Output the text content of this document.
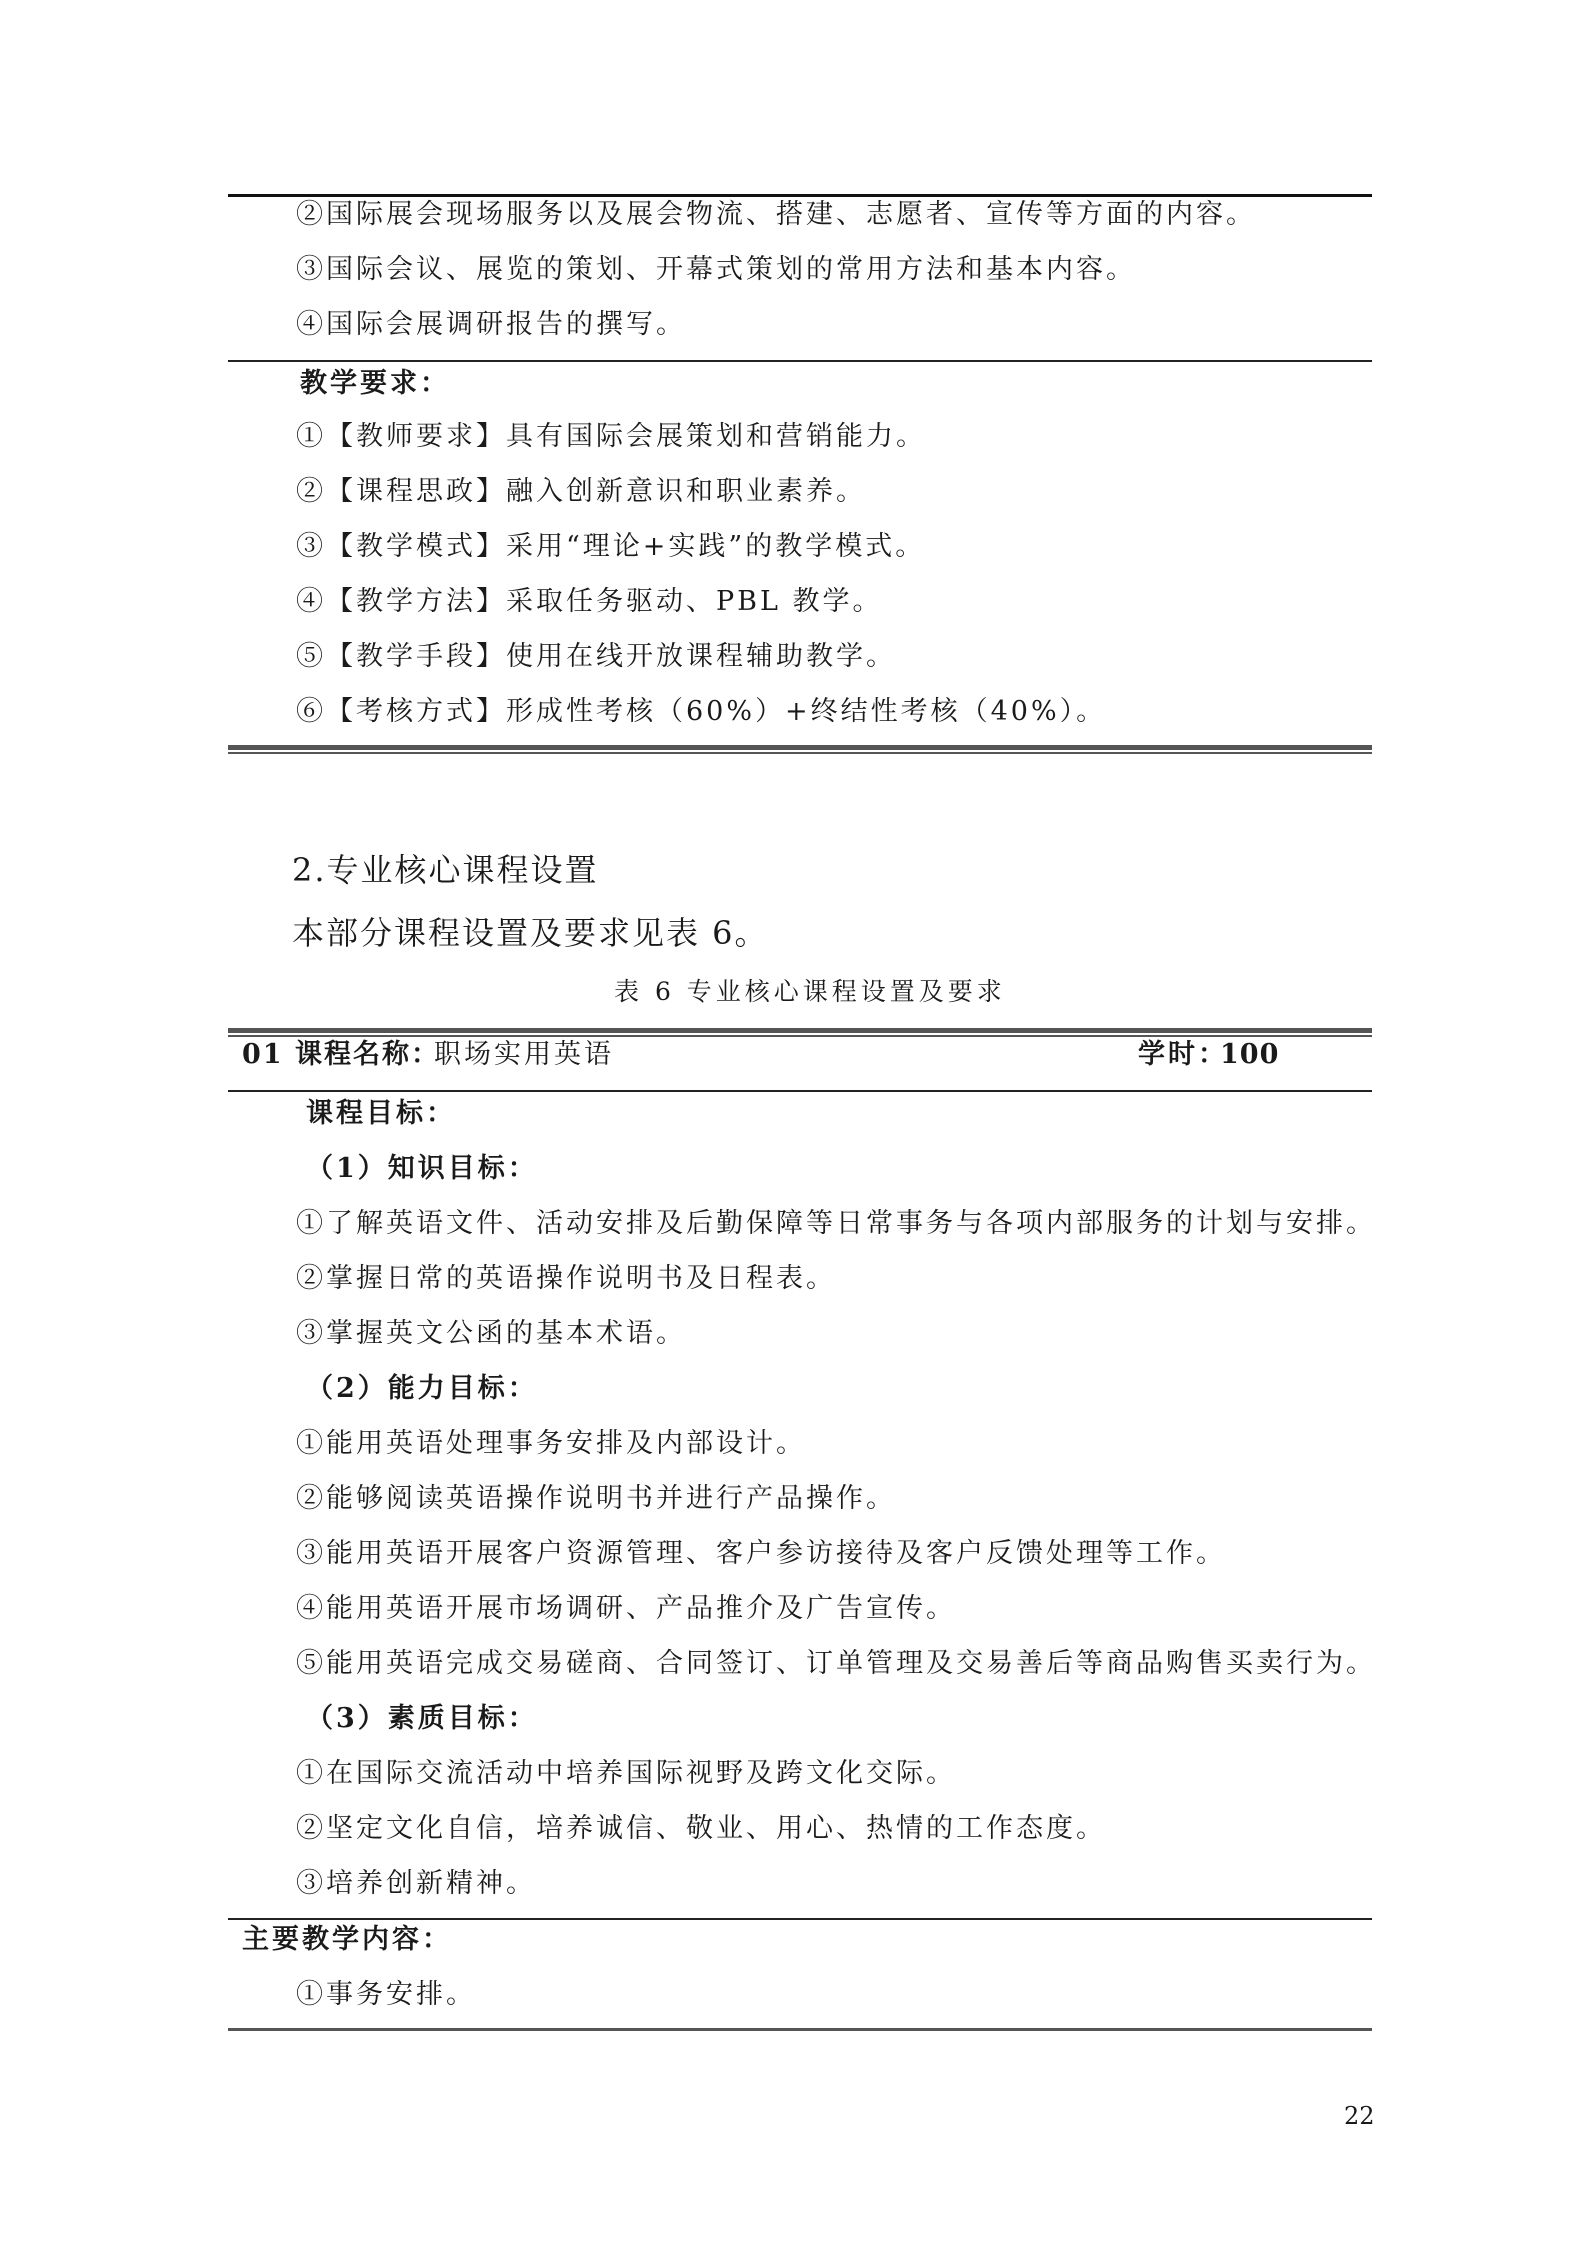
②国际展会现场服务以及展会物流、搭建、志愿者、宣传等方面的内容。
③国际会议、展览的策划、开幕式策划的常用方法和基本内容。
④国际会展调研报告的撰写。
教学要求：
①【教师要求】具有国际会展策划和营销能力。
②【课程思政】融入创新意识和职业素养。
③【教学模式】采用“理论+实践”的教学模式。
④【教学方法】采取任务驱动、PBL 教学。
⑤【教学手段】使用在线开放课程辅助教学。
⑥【考核方式】形成性考核（60%）+终结性考核（40%）。
2.专业核心课程设置
本部分课程设置及要求见表 6。
表 6 专业核心课程设置及要求
01 课程名称：
职场实用英语	学时：
100
课程目标：
（1）知识目标：
①了解英语文件、活动安排及后勤保障等日常事务与各项内部服务的计划与安排。
②掌握日常的英语操作说明书及日程表。
③掌握英文公函的基本术语。
（2）能力目标：
①能用英语处理事务安排及内部设计。
②能够阅读英语操作说明书并进行产品操作。
③能用英语开展客户资源管理、客户参访接待及客户反馈处理等工作。
④能用英语开展市场调研、产品推介及广告宣传。
⑤能用英语完成交易磋商、合同签订、订单管理及交易善后等商品购售买卖行为。
（3）素质目标：
①在国际交流活动中培养国际视野及跨文化交际。
②坚定文化自信，培养诚信、敬业、用心、热情的工作态度。
③培养创新精神。
主要教学内容：
①事务安排。
22
